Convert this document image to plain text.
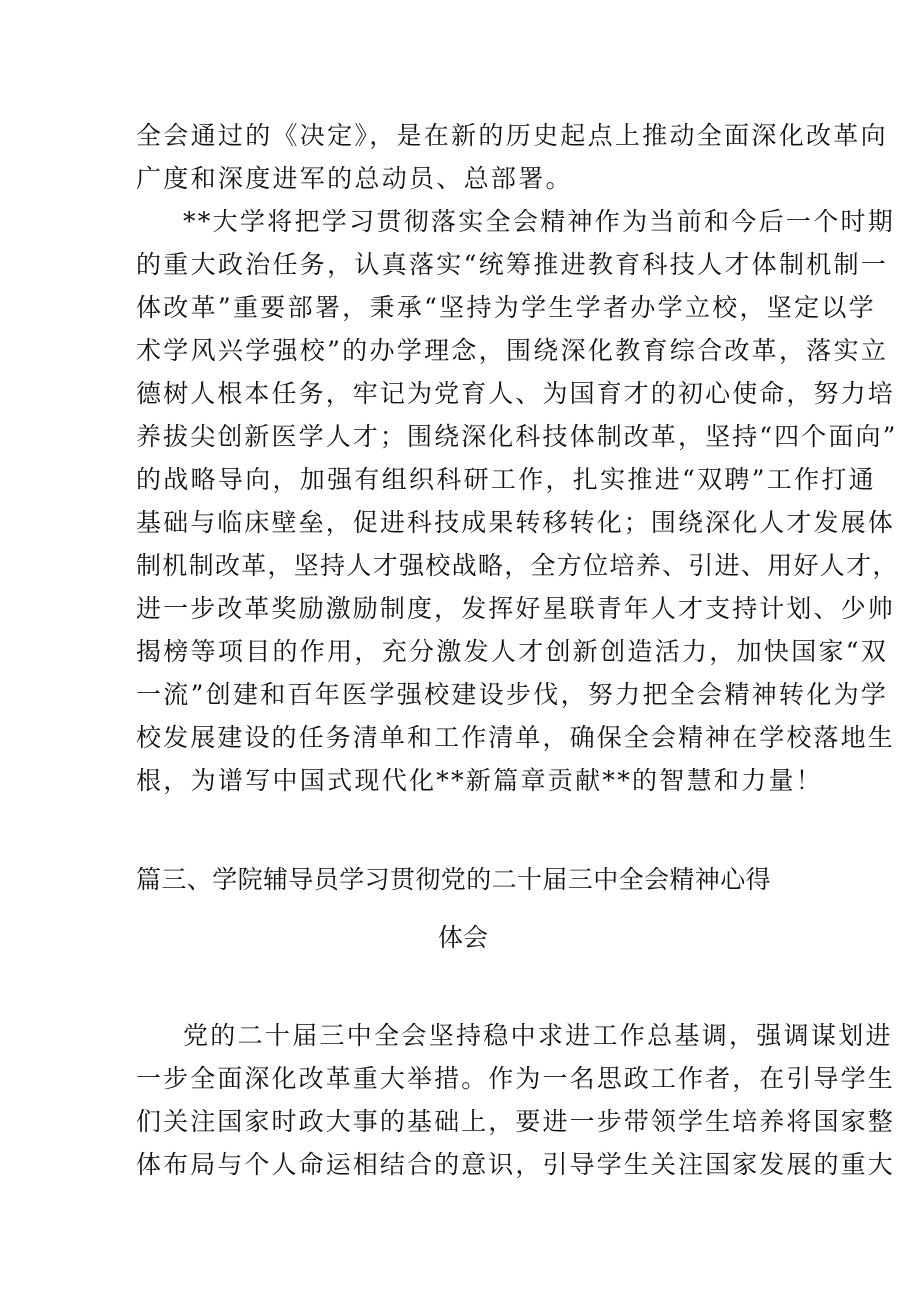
全会通过的《决定》，是在新的历史起点上推动全面深化改革向
广度和深度进军的总动员、总部署。
**大学将把学习贯彻落实全会精神作为当前和今后一个时期
的重大政治任务，认真落实“统筹推进教育科技人才体制机制一
体改革”重要部署，秉承“坚持为学生学者办学立校，坚定以学
术学风兴学强校”的办学理念，围绕深化教育综合改革，落实立
德树人根本任务，牢记为党育人、为国育才的初心使命，努力培
养拔尖创新医学人才；围绕深化科技体制改革，坚持“四个面向”
的战略导向，加强有组织科研工作，扎实推进“双聘”工作打通
基础与临床壁垒，促进科技成果转移转化；围绕深化人才发展体
制机制改革，坚持人才强校战略，全方位培养、引进、用好人才，
进一步改革奖励激励制度，发挥好星联青年人才支持计划、少帅
揭榜等项目的作用，充分激发人才创新创造活力，加快国家“双
一流”创建和百年医学强校建设步伐，努力把全会精神转化为学
校发展建设的任务清单和工作清单，确保全会精神在学校落地生
根，为谱写中国式现代化**新篇章贡献**的智慧和力量！
篇三、学院辅导员学习贯彻党的二十届三中全会精神心得
体会
党的二十届三中全会坚持稳中求进工作总基调，强调谋划进
一步全面深化改革重大举措。作为一名思政工作者，在引导学生
们关注国家时政大事的基础上，要进一步带领学生培养将国家整
体布局与个人命运相结合的意识，引导学生关注国家发展的重大
